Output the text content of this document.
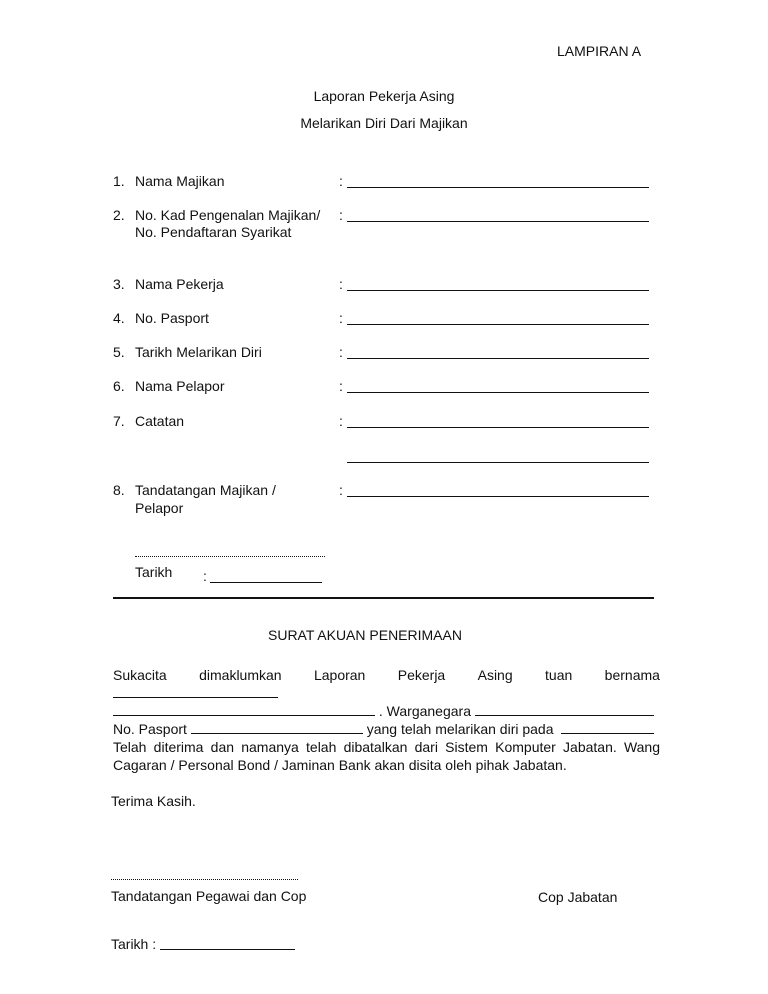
LAMPIRAN A
Laporan Pekerja Asing
Melarikan Diri Dari Majikan
1. Nama Majikan	:
2. No. Kad Pengenalan Majikan/
No. Pendaftaran Syarikat
:
3. Nama Pekerja	:
4. No. Pasport	:
5. Tarikh Melarikan Diri	:
6. Nama Pelapor	:
7. Catatan	:
8. Tandatangan Majikan /
Pelapor
:
Tarikh :
SURAT AKUAN PENERIMAAN
Sukacita dimaklumkan Laporan Pekerja Asing tuan bernama
. Warganegara
No. Pasport	yang telah melarikan diri pada
Telah diterima dan namanya telah dibatalkan dari Sistem Komputer Jabatan. Wang
Cagaran / Personal Bond / Jaminan Bank akan disita oleh pihak Jabatan.
Terima Kasih.
Tandatangan Pegawai dan Cop	Cop Jabatan
Tarikh :
